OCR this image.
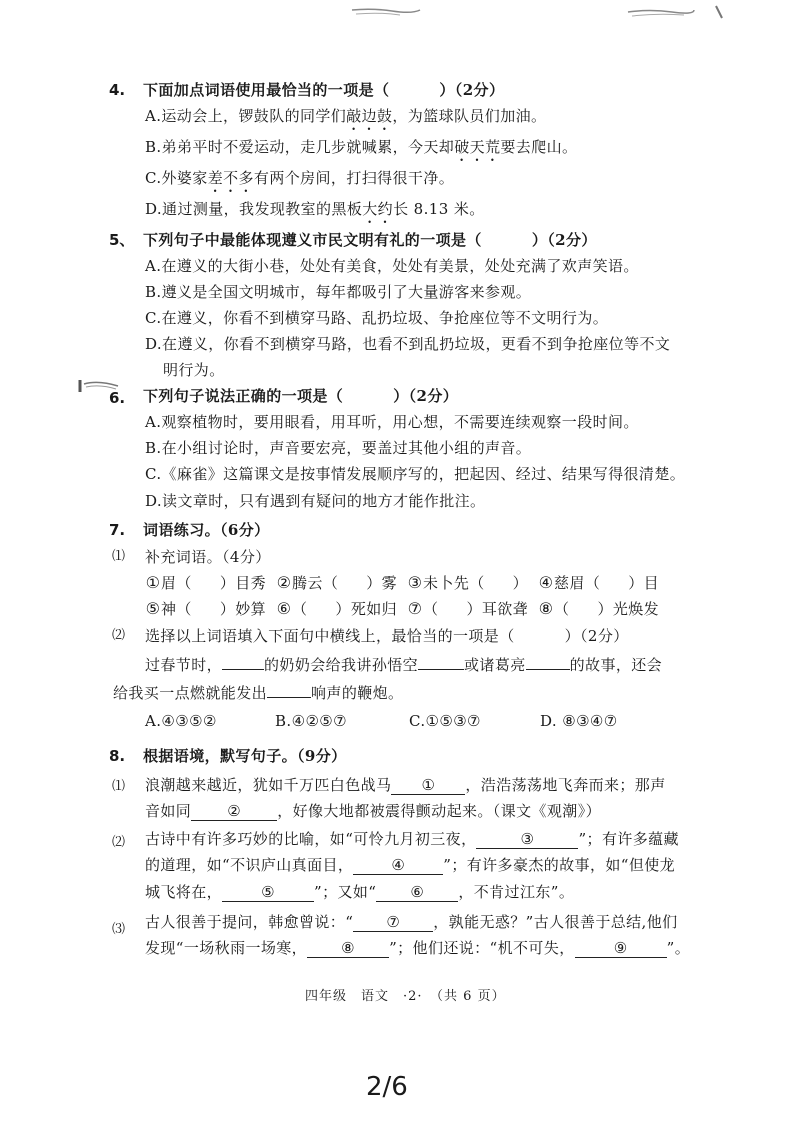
4. 下面加点词语使用最恰当的一项是（	）（2分）
A.运动会上，锣鼓队的同学们敲边鼓，为篮球队员们加油。
B.弟弟平时不爱运动，走几步就喊累，今天却破天荒要去爬山。
C.外婆家差不多有两个房间，打扫得很干净。
D.通过测量，我发现教室的黑板大约长 8.13 米。
5、 下列句子中最能体现遵义市民文明有礼的一项是（	）（2分）
A.在遵义的大街小巷，处处有美食，处处有美景，处处充满了欢声笑语。
B.遵义是全国文明城市，每年都吸引了大量游客来参观。
C.在遵义，你看不到横穿马路、乱扔垃圾、争抢座位等不文明行为。
D.在遵义，你看不到横穿马路，也看不到乱扔垃圾，更看不到争抢座位等不文
明行为。
6. 下列句子说法正确的一项是（	）（2分）
A.观察植物时，要用眼看，用耳听，用心想，不需要连续观察一段时间。
B.在小组讨论时，声音要宏亮，要盖过其他小组的声音。
C.《麻雀》这篇课文是按事情发展顺序写的，把起因、经过、结果写得很清楚。
D.读文章时，只有遇到有疑问的地方才能作批注。
7. 词语练习。（6分）
⑴ 补充词语。（4分）
①眉（ ）目秀 ②腾云（ ）雾 ③未卜先（ ） ④慈眉（ ）目
⑤神（ ）妙算 ⑥（ ）死如归 ⑦（ ）耳欲聋 ⑧（ ）光焕发
⑵ 选择以上词语填入下面句中横线上，最恰当的一项是（	）（2分）
过春节时，	的奶奶会给我讲孙悟空	或诸葛亮	的故事，还会
给我买一点燃就能发出	响声的鞭炮。
A.④③⑤②	B.④②⑤⑦	C.①⑤③⑦	D. ⑧③④⑦
8. 根据语境，默写句子。（9分）
⑴ 浪潮越来越近，犹如千万匹白色战马 ① ，浩浩荡荡地飞奔而来；那声
音如同 ② ，好像大地都被震得颤动起来。（课文《观潮》）
⑵ 古诗中有许多巧妙的比喻，如“可怜九月初三夜，	③	”；有许多蕴藏
的道理，如“不识庐山真面目，	④	”；有许多豪杰的故事，如“但使龙
城飞将在，	⑤	”；又如“ ⑥ ，不肯过江东”。
⑶ 古人很善于提问，韩愈曾说：“ ⑦ ，孰能无惑？”古人很善于总结,他们
发现“一场秋雨一场寒， ⑧ ”；他们还说：“机不可失，	⑨	”。
四年级　语文　·2·　（共 6 页）
2/6
